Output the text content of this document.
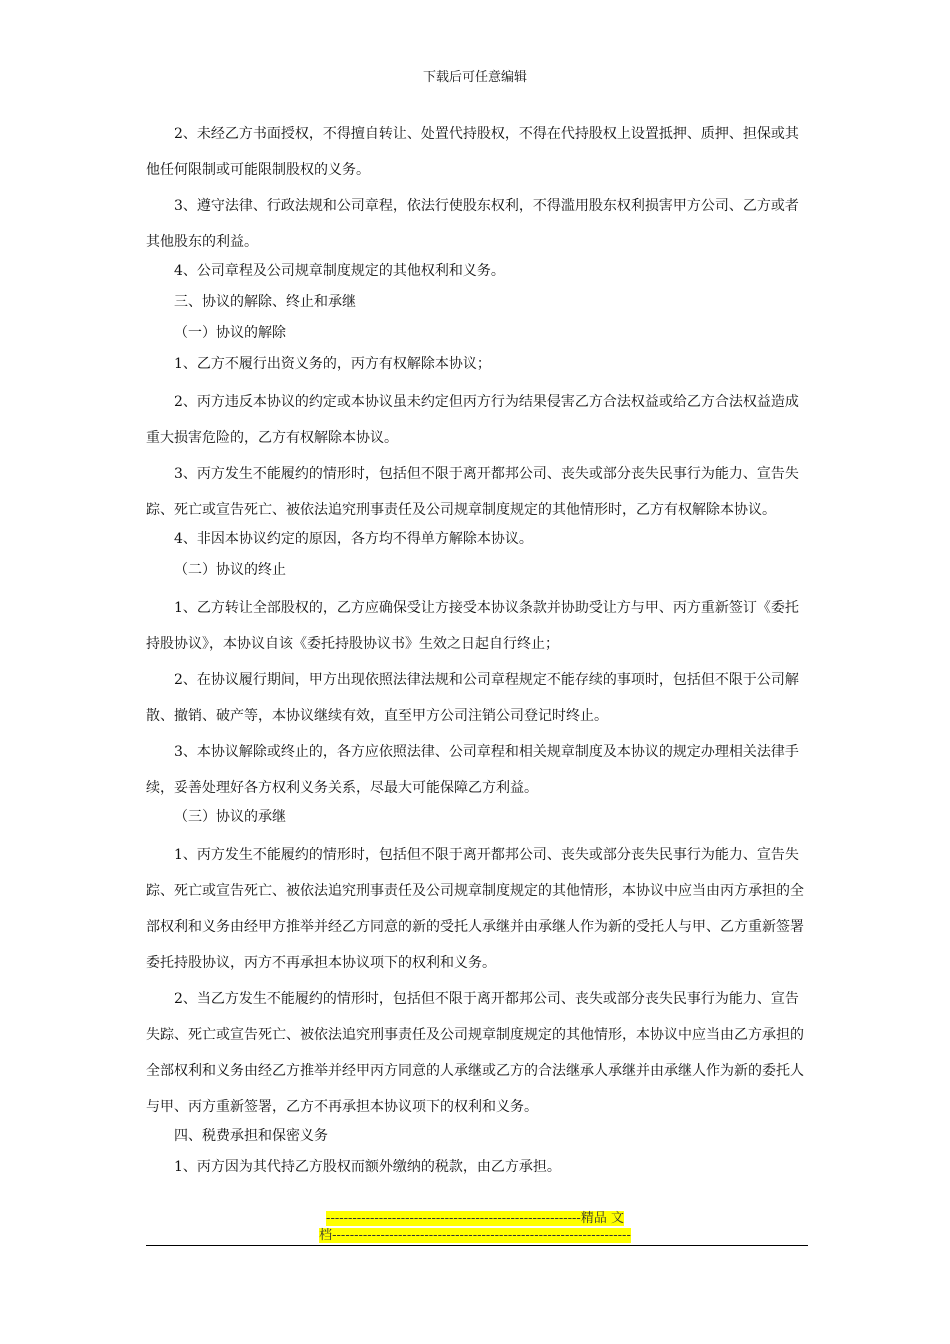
下载后可任意编辑

2、未经乙方书面授权，不得擅自转让、处置代持股权，不得在代持股权上设置抵押、质押、担保或其他任何限制或可能限制股权的义务。

3、遵守法律、行政法规和公司章程，依法行使股东权利，不得滥用股东权利损害甲方公司、乙方或者其他股东的利益。

4、公司章程及公司规章制度规定的其他权利和义务。

三、协议的解除、终止和承继

（一）协议的解除

1、乙方不履行出资义务的，丙方有权解除本协议；

2、丙方违反本协议的约定或本协议虽未约定但丙方行为结果侵害乙方合法权益或给乙方合法权益造成重大损害危险的，乙方有权解除本协议。

3、丙方发生不能履约的情形时，包括但不限于离开都邦公司、丧失或部分丧失民事行为能力、宣告失踪、死亡或宣告死亡、被依法追究刑事责任及公司规章制度规定的其他情形时，乙方有权解除本协议。

4、非因本协议约定的原因，各方均不得单方解除本协议。

（二）协议的终止

1、乙方转让全部股权的，乙方应确保受让方接受本协议条款并协助受让方与甲、丙方重新签订《委托持股协议》，本协议自该《委托持股协议书》生效之日起自行终止；

2、在协议履行期间，甲方出现依照法律法规和公司章程规定不能存续的事项时，包括但不限于公司解散、撤销、破产等，本协议继续有效，直至甲方公司注销公司登记时终止。

3、本协议解除或终止的，各方应依照法律、公司章程和相关规章制度及本协议的规定办理相关法律手续，妥善处理好各方权利义务关系，尽最大可能保障乙方利益。

（三）协议的承继

1、丙方发生不能履约的情形时，包括但不限于离开都邦公司、丧失或部分丧失民事行为能力、宣告失踪、死亡或宣告死亡、被依法追究刑事责任及公司规章制度规定的其他情形，本协议中应当由丙方承担的全部权利和义务由经甲方推举并经乙方同意的新的受托人承继并由承继人作为新的受托人与甲、乙方重新签署委托持股协议，丙方不再承担本协议项下的权利和义务。

2、当乙方发生不能履约的情形时，包括但不限于离开都邦公司、丧失或部分丧失民事行为能力、宣告失踪、死亡或宣告死亡、被依法追究刑事责任及公司规章制度规定的其他情形，本协议中应当由乙方承担的全部权利和义务由经乙方推举并经甲丙方同意的人承继或乙方的合法继承人承继并由承继人作为新的委托人与甲、丙方重新签署，乙方不再承担本协议项下的权利和义务。

四、税费承担和保密义务

1、丙方因为其代持乙方股权而额外缴纳的税款，由乙方承担。

----------------------------------------------------------精品 文
档--------------------------------------------------------------------
